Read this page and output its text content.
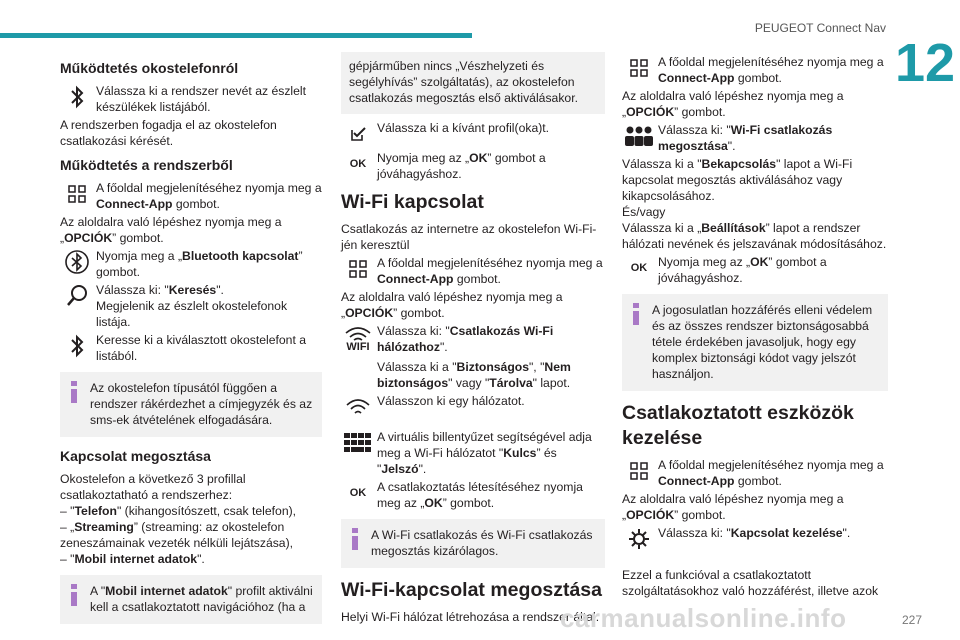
PEUGEOT Connect Nav
12
Működtetés okostelefonról
Válassza ki a rendszer nevét az észlelt készülékek listájából.

A rendszerben fogadja el az okostelefon csatlakozási kérését.

Működtetés a rendszerből
A főoldal megjelenítéséhez nyomja meg a Connect-App gombot.

Az aloldalra való lépéshez nyomja meg a „OPCIÓK” gombot.

Nyomja meg a „Bluetooth kapcsolat” gombot.
Válassza ki: "Keresés".
Megjelenik az észlelt okostelefonok listája.
Keresse ki a kiválasztott okostelefont a listából.

Az okostelefon típusától függően a rendszer rákérdezhet a címjegyzék és az sms-ek átvételének elfogadására.

Kapcsolat megosztása

Okostelefon a következő 3 profillal csatlakoztatható a rendszerhez:

– "Telefon" (kihangosítószett, csak telefon),

– „Streaming” (streaming: az okostelefon zeneszámainak vezeték nélküli lejátszása),

– "Mobil internet adatok".

A "Mobil internet adatok" profilt aktiválni kell a csatlakoztatott navigációhoz (ha a

gépjárműben nincs „Vészhelyzeti és segélyhívás” szolgáltatás), az okostelefon csatlakozás megosztás első aktiválásakor.

Válassza ki a kívánt profil(oka)t.
OK Nyomja meg az „OK” gombot a jóváhagyáshoz.
Wi-Fi kapcsolat

Csatlakozás az internetre az okostelefon Wi-Fi-jén keresztül

A főoldal megjelenítéséhez nyomja meg a Connect-App gombot.

Az aloldalra való lépéshez nyomja meg a „OPCIÓK” gombot.

WIFI
Válassza ki: "Csatlakozás Wi-Fi hálózathoz".
Válassza ki a "Biztonságos", "Nem biztonságos" vagy "Tárolva" lapot.
Válasszon ki egy hálózatot.
A virtuális billentyűzet segítségével adja meg a Wi-Fi hálózatot "Kulcs” és "Jelszó".
OK A csatlakoztatás létesítéséhez nyomja meg az „OK” gombot.

A Wi-Fi csatlakozás és Wi-Fi csatlakozás megosztás kizárólagos.

Wi-Fi-kapcsolat megosztása

Helyi Wi-Fi hálózat létrehozása a rendszer által.

A főoldal megjelenítéséhez nyomja meg a Connect-App gombot.

Az aloldalra való lépéshez nyomja meg a „OPCIÓK” gombot.

Válassza ki: "Wi-Fi csatlakozás megosztása".

Válassza ki a "Bekapcsolás" lapot a Wi-Fi kapcsolat megosztás aktiválásához vagy kikapcsolásához.

És/vagy

Válassza ki a „Beállítások” lapot a rendszer hálózati nevének és jelszavának módosításához.

OK Nyomja meg az „OK” gombot a jóváhagyáshoz.

A jogosulatlan hozzáférés elleni védelem és az összes rendszer biztonságosabbá tétele érdekében javasoljuk, hogy egy komplex biztonsági kódot vagy jelszót használjon.

Csatlakoztatott eszközök kezelése
A főoldal megjelenítéséhez nyomja meg a Connect-App gombot.

Az aloldalra való lépéshez nyomja meg a „OPCIÓK” gombot.

Válassza ki: "Kapcsolat kezelése".

Ezzel a funkcióval a csatlakoztatott szolgáltatásokhoz való hozzáférést, illetve azok

carmanualsonline.info	227
